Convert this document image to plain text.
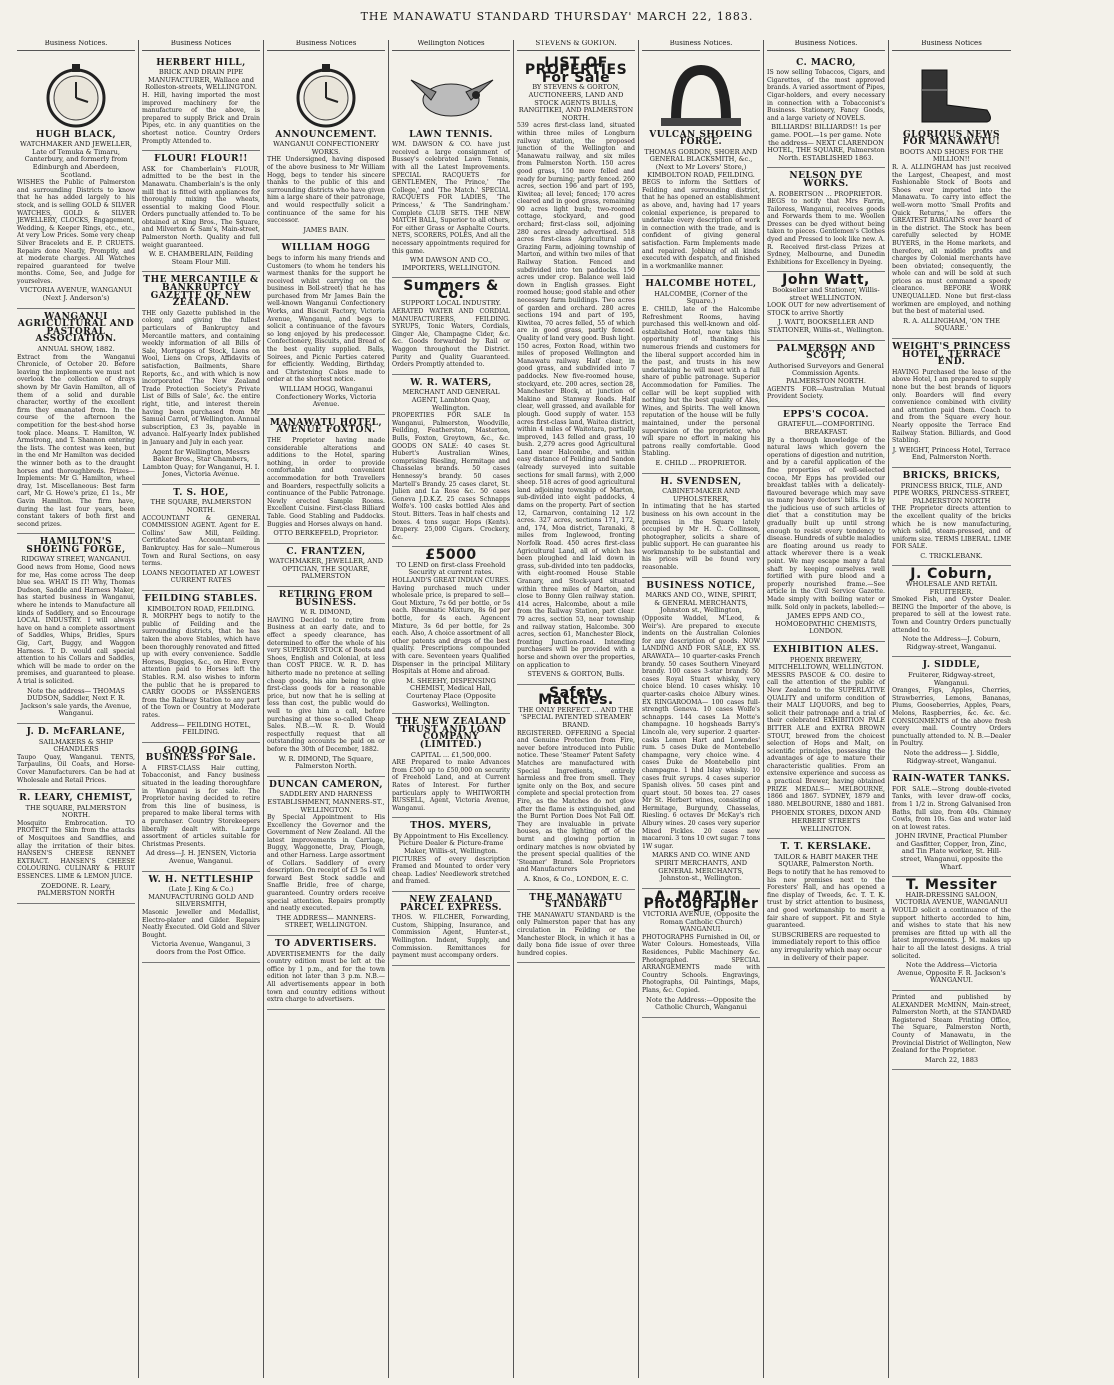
THE MANAWATU STANDARD THURSDAY' MARCH 22, 1883.
Business Notices.
HUGH BLACK,
WATCHMAKER AND JEWELLER, Late of Temuka & Timaru, Canterbury, and formerly from Edinburgh and Aberdeen, Scotland.
WISHES the Public of Palmerston and surrounding Districts to know that he has added largely to his stock, and is selling GOLD & SILVER WATCHES, GOLD & SILVER JEWELLERY, CLOCKS, Engagement, Wedding, & Keeper Rings, etc., etc., At very Low Prices. Some very cheap Silver Bracelets and E. P. CRUETS. Repairs done Neatly, Promptly, and at moderate charges. All Watches repaired guaranteed for twelve months. Come, See, and Judge for yourselves.
VICTORIA AVENUE, WANGANUI (Next J. Anderson's)
WANGANUI AGRICULTURAL AND PASTORAL ASSOCIATION.
ANNUAL SHOW, 1882.
Extract from the Wanganui Chronicle, of October 20. Before leaving the implements we must not overlook the collection of drays shown by Mr Gavin Hamilton, all of them of a solid and durable character, worthy of the excellent firm they emanated from. In the course of the afternoon the competition for the best-shod horse took place. Means. T. Hamilton, W. Armstrong, and T. Shannon entering the lists. The contest was keen, but in the end Mr Hamilton was decided the winner both as to the draught horses and thoroughbreds. Prizes—Implements: Mr G. Hamilton, wheel dray, 1st. Miscellaneous: Best farm cart, Mr G. Howe's prize, £1 1s., Mr Gavin Hamilton. The firm have, during the last four years, been constant takers of both first and second prizes.
HAMILTON'S SHOEING FORGE,
RIDGWAY STREET, WANGANUI.
Good news from Home, Good news for me, Has come across The deep blue sea. WHAT IS IT! Why, Thomas Dudson, Saddle and Harness Maker, has started business in Wanganui, where he intends to Manufacture all kinds of Saddlery, and so Encourage LOCAL INDUSTRY. I will always have on hand a complete assortment of Saddles, Whips, Bridles, Spurs Gig, Cart, Buggy, and Waggon Harness. T. D. would call special attention to his Collars and Saddles, which will be made to order on the premises, and guaranteed to please. A trial is solicited.
Note the address— THOMAS DUDSON, Saddler, Next F. R. Jackson's sale yards, the Avenue, Wanganui.
J. D. McFARLANE,
SAILMAKERS & SHIP CHANDLERS
Taupo Quay, Wanganui. TENTS, Tarpaulins, Oil Coats, and Horse-Cover Manufacturers. Can be had at Wholesale and Retail Prices.
R. LEARY, CHEMIST,
THE SQUARE, PALMERSTON NORTH.
Mosquito Embrocation. TO PROTECT the Skin from the attacks of Mosquitoes and Sandflies, and allay the irritation of their bites. HANSEN'S CHEESE RENNET EXTRACT. HANSEN'S CHEESE COLOURING. CULINARY & FRUIT ESSENCES. LIME & LEMON JUICE.
ZOEDONE. R. Leary, PALMERSTON NORTH
Business Notices
HERBERT HILL,
BRICK AND DRAIN PIPE MANUFACTURER, Wallace and Rolleston-streets, WELLINGTON.
H. Hill, having imported the most improved machinery for the manufacture of the above, is prepared to supply Brick and Drain Pipes, etc. in any quantities on the shortest notice. Country Orders Promptly Attended to.
FLOUR! FLOUR!!
ASK for Chamberlain's FLOUR, admitted to be the best in the Manawatu. Chamberlain's is the only mill that is fitted with appliances for thoroughly mixing the wheats, essential to making Good Flour. Orders punctually attended to. To be obtained at King Bros., The Square, and Milverton & Sam's, Main-street, Palmerston North. Quality and full weight guaranteed.
W. E. CHAMBERLAIN, Feilding Steam Flour Mill.
THE MERCANTILE & BANKRUPTCY GAZETTE OF NEW ZEALAND.
THE only Gazette published in the colony, and giving the fullest particulars of Bankruptcy and Mercantile matters, and containing weekly information of all Bills of Sale, Mortgages of Stock, Liens on Wool, Liens on Crops, Affidavits of satisfaction, Bailments, Share Reports, &c., and with which is now incorporated 'The New Zealand Trade Protection Society's Private List of Bills of Sale', &c. the entire right, title, and interest therein having been purchased from Mr Samuel Carrol, of Wellington. Annual subscription, £3 3s, payable in advance. Half-yearly Index published in January and July in each year.
Agent for Wellington, Messrs Baker Bros., Star Chambers, Lambton Quay; for Wanganui, H. I. Jones, Victoria Avenue.
T. S. HOE,
THE SQUARE, PALMERSTON NORTH.
ACCOUNTANT & GENERAL COMMISSION AGENT. Agent for E. Collins' Saw Mill, Feilding. Certificated Accountant in Bankruptcy. Has for sale—Numerous Town and Rural Sections, on easy terms.
LOANS NEGOTIATED AT LOWEST CURRENT RATES
FEILDING STABLES.
KIMBOLTON ROAD, FEILDING.
R. MORPHY begs to notify to the public of Feilding and the surrounding districts, that he has taken the above Stables, which have been thoroughly renovated and fitted up with every convenience. Saddle Horses, Buggies, &c., on Hire. Every attention paid to Horses left the Stables. R.M. also wishes to inform the public that he is prepared to CARRY GOODS or PASSENGERS from the Railway Station to any part of the Town or Country at Moderate rates.
Address— FEILDING HOTEL, FEILDING.
GOOD GOING BUSINESS For Sale.
A FIRST-CLASS Hair cutting, Tobacconist, and Fancy business situated in the leading thoroughfare in Wanganui is for sale. The Proprietor having decided to retire from this line of business, is prepared to make liberal terms with a purchaser. Country Storekeepers liberally dealt with. Large assortment of articles suitable for Christmas Presents.
Ad dress—J. H. JENSEN, Victoria Avenue, Wanganui.
W. H. NETTLESHIP
(Late J. King & Co.) MANUFACTURING GOLD AND SILVERSMITH,
Masonic Jeweller and Medallist, Electro-plater and Gilder. Repairs Neatly Executed. Old Gold and Silver Bought.
Victoria Avenue, Wanganui, 3 doors from the Post Office.
Business Notices
ANNOUNCEMENT.
WANGANUI CONFECTIONERY WORKS.
THE Undersigned, having disposed of the above business to Mr William Hogg, begs to tender his sincere thanks to the public of this and surrounding districts who have given him a large share of their patronage, and would respectfully solicit a continuance of the same for his successor.
JAMES BAIN.
WILLIAM HOGG
begs to inform his many friends and Customers (to whom he tenders his warmest thanks for the support he received whilst carrying on the business in Boll-street) that he has purchased from Mr James Bain the well-known Wanganui Confectionery Works, and Biscuit Factory, Victoria Avenue, Wanganui, and begs to solicit a continuance of the favours so long enjoyed by his predecessor. Confectionery, Biscuits, and Bread of the best quality supplied. Balls, Soirees, and Picnic Parties catered for efficiently. Wedding, Birthday, and Christening Cakes made to order at the shortest notice.
WILLIAM HOGG, Wanganui Confectionery Works, Victoria Avenue.
MANAWATU HOTEL, AVENUE FOXTON.
THE Proprietor having made considerable alterations and additions to the Hotel, sparing nothing, in order to provide comfortable and convenient accommodation for both Travellers and Boarders, respectfully solicits a continuance of the Public Patronage. Newly erected Sample Rooms. Excellent Cuisine. First-class Billiard Table. Good Stabling and Paddocks. Buggies and Horses always on hand.
OTTO BERKEFELD, Proprietor.
C. FRANTZEN,
WATCHMAKER, JEWELLER, AND OPTICIAN, THE SQUARE, PALMERSTON
RETIRING FROM BUSINESS.
W. R. DIMOND,
HAVING Decided to retire from Business at an early date, and to effect a speedy clearance, has determined to offer the whole of his very SUPERIOR STOCK of Boots and Shoes, English and Colonial, at less than COST PRICE. W. R. D. has hitherto made no pretence at selling cheap goods, his aim being to give first-class goods for a reasonable price, but now that he is selling at less than cost, the public would do well to give him a call, before purchasing at those so-called Cheap Sales. N.B.—W. R. D. Would respectfully request that all outstanding accounts be paid on or before the 30th of December, 1882.
W. R. DIMOND, The Square, Palmerston North.
DUNCAN CAMERON,
SADDLERY AND HARNESS ESTABLISHMENT, MANNERS-ST., WELLINGTON.
By Special Appointment to His Excellency the Governor and the Government of New Zealand. All the latest improvements in Carriage, Buggy, Waggonette, Dray, Plough, and other Harness. Large assortment of Collars. Saddlery of every description. On receipt of £3 5s I will forward Best Stock saddle and Snaffle Bridle, free of charge, guaranteed. Country orders receive special attention. Repairs promptly and neatly executed.
THE ADDRESS— MANNERS-STREET, WELLINGTON.
TO ADVERTISERS.
ADVERTISEMENTS for the daily country edition must be left at the office by 1 p.m., and for the town edition not later than 3 p.m. N.B.—All advertisements appear in both town and country editions without extra charge to advertisers.
Wellington Notices
LAWN TENNIS.
WM. DAWSON & CO. have just received a large consignment of Bussey's celebrated Lawn Tennis, with all the Latest Improvements. SPECIAL RACQUETS for GENTLEMEN, The Prince,' 'The College,' and 'The Match.' SPECIAL RACQUETS FOR LADIES, 'The Princess,' & 'The Sandringham.' Complete CLUB SETS. THE NEW MATCH BALL, Superior to all others, For either Grass or Asphalte Courts. NETS, SCORERS, POLES, And all the necessary appointments required for this game.
WM DAWSON AND CO., IMPORTERS, WELLINGTON.
Summers & Co.
SUPPORT LOCAL INDUSTRY.
AERATED WATER AND CORDIAL MANUFACTURERS, FEILDING. SYRUPS, Tonic Waters, Cordials, Ginger Ale, Champagne Cider, &c. &c. Goods forwarded by Rail or Waggon throughout the District. Purity and Quality Guaranteed. Orders Promptly attended to.
W. R. WATERS,
MERCHANT AND GENERAL AGENT, Lambton Quay, Wellington.
PROPERTIES FOR SALE In Wanganui, Palmerston, Woodville, Feilding, Featherston, Masterton, Bulls, Foxton, Greytown, &c., &c. GOODS ON SALE: 40 cases St. Hubert's Australian Wines, comprising Riesling, Hermitage and Chasselas brands. 50 cases Hennessy's brandy. 50 cases Martell's Brandy. 25 cases claret, St. Julien and La Rose &c. 50 cases Geneva J.D.K.Z. 25 cases Schnapps Wolfe's. 100 casks bottled Ales and Stout. Bitters. Teas in half chests and boxes. 4 tons sugar. Hops (Kents). Drapery. 25,000 Cigars. Crockery, &c.
£5000
TO LEND on first-class Freehold Security at current rates.
HOLLAND'S GREAT INDIAN CURES. Having purchased much under wholesale price, is prepared to sell— Gout Mixture, 7s 6d per bottle, or 5s each. Rheumatic Mixture, 8s 6d per bottle, for 4s each. Agencent Mixture, 3s 6d per bottle, for 2s each. Also, A choice assortment of all other patents and drugs of the best quality. Prescriptions compounded with care. Seventeen years Qualified Dispenser in the principal Military Hospitals at Home and abroad.
M. SHEEHY, DISPENSING CHEMIST, Medical Hall, Courtenay Place (Opposite Gasworks), Wellington.
THE NEW ZEALAND TRUST AND LOAN COMPANY (LIMITED.)
CAPITAL ... £1,500,000.
ARE Prepared to make Advances from £500 up to £50,000 on security of Freehold Land, and at Current Rates of Interest. For further particulars apply to WHITWORTH RUSSELL, Agent, Victoria Avenue, Wanganui.
THOS. MYERS,
By Appointment to His Excellency. Picture Dealer & Picture-frame Maker, Willis-st, Wellington.
PICTURES of every description Framed and Mounted to order very cheap. Ladies' Needlework stretched and framed.
NEW ZEALAND PARCEL EXPRESS.
THOS. W. FILCHER, Forwarding, Custom, Shipping, Insurance, and Commission Agent, Hunter-st., Wellington. Indent, Supply, and Commission. Remittances for payment must accompany orders.
STEVENS & GORTON.
LIST OF PROPERTIES For Sale
BY STEVENS & GORTON, AUCTIONEERS, LAND AND STOCK AGENTS BULLS, RANGITIKEI, AND PALMERSTON NORTH.
539 acres first-class land, situated within three miles of Longburn railway station, the proposed junction of the Wellington and Manawatu railway, and six miles from Palmerston North. 150 acres good grass, 150 more felled and ready for burning; partly fenced. 260 acres, section 196 and part of 195, Kiwitea; all level; fenced; 170 acres cleared and in good grass, remaining 90 acres light bush; two-roomed cottage, stockyard, and good orchard; first-class soil, adjoining 280 acres already advertised. 518 acres first-class Agricultural and Grazing Farm, adjoining township of Marton, and within two miles of that Railway Station. Fenced and subdivided into ten paddocks. 150 acres under crop. Balance well laid down in English grasses. Eight roomed house; good stable and other necessary farm buildings. Two acres of garden and orchard. 280 acres sections 194 and part of 195, Kiwitea, 70 acres felled, 55 of which are in good grass, partly fenced. Quality of land very good. Bush light. 150 acres, Foxton Road, within two miles of proposed Wellington and Manawatu railway. Half clear, in good grass, and subdivided into 7 paddocks. New five-roomed house, stockyard, etc. 200 acres, section 28, Manchester Block, at junction of Makino and Stanway Roads. Half clear, well grassed, and available for plough. Good supply of water. 153 acres first-class land, Waitea district, within 4 miles of Waitotara, partially improved, 143 felled and grass, 10 bush. 2,279 acres good Agricultural Land near Halcombe, and within easy distance of Feilding and Sandon (already surveyed into suitable sections for small farms), with 2,000 sheep. 518 acres of good agricultural land adjoining township of Marton, sub-divided into eight paddocks, 4 dams on the property. Part of section 12, Carnarvon, containing 12 1/2 acres. 327 acres, sections 171, 172, and, 174, Moa district, Taranaki, 8 miles from Inglewood, fronting Norfolk Road. 450 acres first-class Agricultural Land, all of which has been ploughed and laid down in grass, sub-divided into ten paddocks, with eight-roomed House Stable Granary, and Stock-yard situated within three miles of Marton, and close to Bonny Glen railway station. 414 acres, Halcombe, about a mile from the Railway Station, part clear. 79 acres, section 53, near township and railway station, Halcombe. 300 acres, section 61, Manchester Block, fronting Junction-road. Intending purchasers will be provided with a horse and shown over the properties, on application to
STEVENS & GORTON, Bulls.
Safety Matches.
THE ONLY PERFECT ... AND THE 'SPECIAL PATENTED STEAMER' BRAND.
REGISTERED. OFFERING a Special and Genuine Protection from Fire, never before introduced into Public notice. These 'Steamer' Patent Safety Matches are manufactured with Special Ingredients, entirely harmless and free from smell. They ignite only on the Box, and secure complete and special protection from Fire, as the Matches do not glow after the flame is extinguished, and the Burnt Portion Does Not Fall Off. They are invaluable in private houses, as the lighting off of the burnt and glowing portion in ordinary matches is now obviated by the present special qualities of the 'Steamer' Brand. Sole Proprietors and Manufacturers
A. Knos, & Co., LONDON, E. C.
THE MANAWATU STANDARD
THE MANAWATU STANDARD is the only Palmerston paper that has any circulation in Feilding or the Manchester Block, in which it has a daily bona fide issue of over three hundred copies.
Business Notices.
VULCAN SHOEING FORGE.
THOMAS GORDON, SHOER AND GENERAL BLACKSMITH, &c., (Next to Mr Lovers' Store,) KIMBOLTON ROAD, FEILDING.
BEGS to inform the Settlers of Feilding and surrounding district, that he has opened an establishment as above, and, having had 17 years colonial experience, is prepared to undertake every description of work in connection with the trade, and is confident of giving general satisfaction. Farm Implements made and repaired. Jobbing of all kinds executed with despatch, and finished in a workmanlike manner.
HALCOMBE HOTEL,
HALCOMBE, (Corner of the Square.)
E. CHILD, late of the Halcombe Refreshment Rooms, having purchased this well-known and old-established Hotel, now takes this opportunity of thanking his numerous friends and customers for the liberal support accorded him in the past, and trusts in his new undertaking he will meet with a full share of public patronage. Superior Accommodation for Families. The cellar will be kept supplied with nothing but the best quality of Ales, Wines, and Spirits. The well known reputation of the house will be fully maintained, under the personal supervision of the proprietor, who will spare no effort in making his patrons really comfortable. Good Stabling.
E. CHILD ... PROPRIETOR.
H. SVENDSEN,
CABINET-MAKER AND UPHOLSTERER,
In intimating that he has started business on his own account in the premises in the Square lately occupied by Mr H. C. Collinson, photographer, solicits a share of public support. He can guarantee his workmanship to be substantial and his prices will be found very reasonable.
BUSINESS NOTICE,
MARKS AND CO., WINE, SPIRIT, & GENERAL MERCHANTS, Johnston st., Wellington,
(Opposite Waddel, M'Leod, & Weir's). Are prepared to execute indents on the Australian Colonies for any description of goods. NOW LANDING AND FOR SALE, EX SS. ARAWATA— 10 quarter-casks French brandy. 50 cases Southern Vineyard brandy. 100 cases 3-star brandy. 50 cases Royal Stuart whisky, very choice blend. 10 cases whisky. 10 quarter-casks choice Albury wines. EX RINGAROOMA— 100 cases full-strength Geneva. 10 cases Wolfe's schnapps. 144 cases La Motte's champagne. 10 hogsheads Barry's Lincoln ale, very superior. 2 quarter-casks Lemon Hart and Lowndes' rum. 5 cases Duke de Montebello champagne, very choice wine. 4 cases Duke de Montebello pint champagne. 1 hhd Islay whisky. 10 cases fruit syrups. 4 cases superior Spanish olives. 50 cases pint and quart stout. 50 boxes tea. 27 cases Mr St. Herbert wines, consisting of Hermitage, Burgundy, Chasselas, Riesling. 6 octaves Dr McKay's rich Albury wines. 20 cases very superior Mixed Pickles. 20 cases new macaroni. 3 tons 10 cwt sugar. 7 tons 1W sugar.
MARKS AND CO. WINE AND SPIRIT MERCHANTS, AND GENERAL MERCHANTS, Johnston-st., Wellington.
A. MARTIN, Photographer
VICTORIA AVENUE, (Opposite the Roman Catholic Church) WANGANUI.
PHOTOGRAPHS Furnished in Oil, or Water Colours. Homesteads, Villa Residences, Public Machinery &c. Photographed. SPECIAL ARRANGEMENTS made with Country Schools. Engravings, Photographs, Oil Paintings, Maps, Plans, &c. Copied.
Note the Address:—Opposite the Catholic Church, Wanganui
Business Notices.
C. MACRO,
IS now selling Tobaccos, Cigars, and Cigarettes, of the most approved brands. A varied assortment of Pipes, Cigar-holders, and every necessary in connection with a Tobacconist's Business. Stationery, Fancy Goods, and a large variety of NOVELS.
BILLIARDS! BILLIARDS!! 1s per game. POOL—1s per game. Note the address— NEXT CLARENDON HOTEL, THE SQUARE, Palmerston North. ESTABLISHED 1863.
NELSON DYE WORKS.
A. ROBERTSON ... PROPRIETOR.
BEGS to notify that Mrs Farrin, Tailoress, Wanganui, receives goods and Forwards them to me. Woollen Dresses can be dyed without being taken to pieces. Gentlemen's Clothes dyed and Pressed to look like new. A. R. Received first-class Prizes at Sydney, Melbourne, and Dunedin Exhibitions for Excellency in Dyeing.
John Watt,
Bookseller and Stationer, Willis-street WELLINGTON.
LOOK OUT for new advertisement of STOCK to arrive Shortly
J. WATT, BOOKSELLER AND STATIONER, Willis-st., Wellington.
PALMERSON AND SCOTT,
Authorised Surveyors and General Commission Agents. PALMERSTON NORTH.
AGENTS FOR—Australian Mutual Provident Society.
EPPS'S COCOA.
GRATEFUL—COMFORTING. BREAKFAST.
By a thorough knowledge of the natural laws which govern the operations of digestion and nutrition, and by a careful application of the fine properties of well-selected cocoa, Mr Epps has provided our breakfast tables with a delicately-flavoured beverage which may save us many heavy doctors' bills. It is by the judicious use of such articles of diet that a constitution may be gradually built up until strong enough to resist every tendency to disease. Hundreds of subtle maladies are floating around us ready to attack wherever there is a weak point. We may escape many a fatal shaft by keeping ourselves well fortified with pure blood and a properly nourished frame.—See article in the Civil Service Gazette. Made simply with boiling water or milk. Sold only in packets, labelled:—
JAMES EPPS AND CO., HOMOEOPATHIC CHEMISTS, LONDON.
EXHIBITION ALES.
PHOENIX BREWERY, MITCHELLTOWN, WELLINGTON.
MESSRS PASCOE & CO. desire to call the attention of the public of New Zealand to the SUPERLATIVE QUALITY and uniform condition of their MALT LIQUORS, and beg to solicit their patronage and a trial of their celebrated EXHIBITION PALE BITTER ALE and EXTRA BROWN STOUT, brewed from the choicest selection of Hops and Malt, on scientific principles, possessing the advantages of age to mature their characteristic qualities. From an extensive experience and success as a practical Brewer, having obtained PRIZE MEDALS— MELBOURNE, 1866 and 1867. SYDNEY, 1879 and 1880. MELBOURNE, 1880 and 1881.
PHOENIX STORES, DIXON AND HERBERT STREETS WELLINGTON.
T. T. KERSLAKE.
TAILOR & HABIT MAKER THE SQUARE, Palmerston North.
Begs to notify that he has removed to his new premises next to the Foresters' Hall, and has opened a fine display of Tweeds, &c. T. T. K. trust by strict attention to business, and good workmanship to merit a fair share of support. Fit and Style guaranteed.
SUBSCRIBERS are requested to immediately report to this office any irregularity which may occur in delivery of their paper.
Business Notices
GLORIOUS NEWS FOR MANAWATU!
BOOTS AND SHOES FOR THE MILLION!!
R. A. ALLINGHAM has just received the Largest, Cheapest, and most Fashionable Stock of Boots and Shoes ever imported into the Manawatu. To carry into effect the well-worn motto 'Small Profits and Quick Returns,' he offers the GREATEST BARGAINS ever heard of in the district. The Stock has been carefully selected by HOME BUYERS, in the Home markets, and therefore, all middle profits and charges by Colonial merchants have been obviated; consequently, the whole can and will be sold at such prices as must command a speedy clearance. BEFORE WORK UNEQUALLED. None but first-class workmen are employed, and nothing but the best of material used.
R. A. ALLINGHAM, 'ON THE SQUARE.'
WEIGHT'S PRINCESS HOTEL, TERRACE END.
HAVING Purchased the lease of the above Hotel, I am prepared to supply none but the best brands of liquors only. Boarders will find every convenience combined with civility and attention paid them. Coach to and from the Square every hour. Nearly opposite the Terrace End Railway Station. Billiards, and Good Stabling.
J. WEIGHT, Princess Hotel, Terrace End, Palmerston North.
BRICKS, BRICKS,
PRINCESS BRICK, TILE, AND PIPE WORKS, PRINCESS-STREET, PALMERSTON NORTH
THE Proprietor directs attention to the excellent quality of the bricks which he is now manufacturing, which solid, steam-pressed, and of uniform size. TERMS LIBERAL. LIME FOR SALE.
C. TRICKLEBANK.
J. Coburn,
WHOLESALE AND RETAIL FRUITERER.
Smoked Fish, and Oyster Dealer. BEING the Importer of the above, is prepared to sell at the lowest rate. Town and Country Orders punctually attended to.
Note the Address—J. Coburn, Ridgway-street, Wanganui.
J. SIDDLE,
Fruiterer, Ridgway-street, Wanganui.
Oranges, Figs, Apples, Cherries, Strawberries, Lemons, Bananas, Plums, Gooseberries, Apples, Pears, Melons, Raspberries, &c. &c. &c. CONSIGNMENTS of the above fresh every mail. Country Orders punctually attended to. N. B.—Dealer in Poultry.
Note the address— J. Siddle, Ridgway-street, Wanganui.
RAIN-WATER TANKS.
FOR SALE.—Strong double-riveted Tanks, with lever draw-off cocks, from 1 1/2 in. Strong Galvanised Iron Baths, full size, from 40s. Chimney Cowls, from 10s. Gas and water laid on at lowest rates.
JOHN IRVINE, Practical Plumber and Gasfitter, Copper, Iron, Zinc, and Tin Plate worker, St. Hill-street, Wanganui, opposite the Wharf.
T. Messiter
HAIR-DRESSING SALOON, VICTORIA AVENUE, WANGANUI
WOULD solicit a continuance of the support hitherto accorded to him, and wishes to state that his new premises are fitted up with all the latest improvements. J. M. makes up hair to all the latest designs. A trial solicited.
Note the Address—Victoria Avenue, Opposite F. R. Jackson's WANGANUI.
Printed and published by ALEXANDER McMINN, Main-street, Palmerston North, at the STANDARD Registered Steam Printing Office, The Square, Palmerston North, County of Manawatu, in the Provincial District of Wellington, New Zealand for the Proprietor.
March 22, 1883
